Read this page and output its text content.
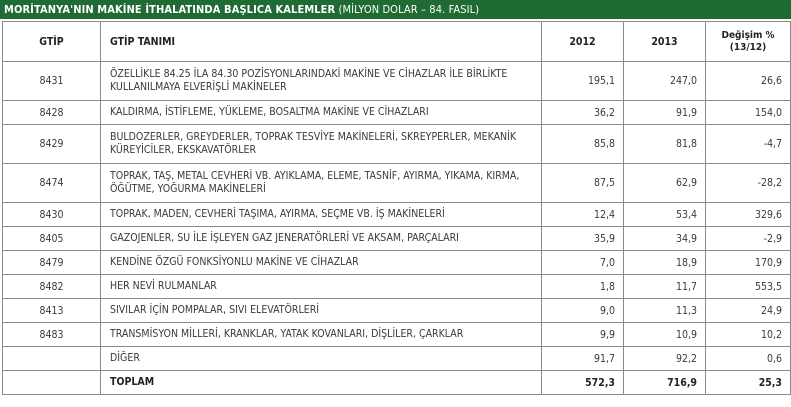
MORİTANYA'NIN MAKİNE İTHALATINDA BAŞLICA KALEMLER (MİLYON DOLAR – 84. FASIL)
GTİP	GTİP TANIMI	2012	2013	Değişim %
(13/12)
8431	ÖZELLİKLE 84.25 İLA 84.30 POZİSYONLARINDAKİ MAKİNE VE CİHAZLAR İLE BİRLİKTE KULLANILMAYA ELVERİŞLİ MAKİNELER	195,1	247,0	26,6
8428	KALDIRMA, İSTİFLEME, YÜKLEME, BOSALTMA MAKİNE VE CİHAZLARI	36,2	91,9	154,0
8429	BULDOZERLER, GREYDERLER, TOPRAK TESVİYE MAKİNELERİ, SKREYPERLER, MEKANİK KÜREYİCİLER, EKSKAVATÖRLER	85,8	81,8	-4,7
8474	TOPRAK, TAŞ, METAL CEVHERİ VB. AYIKLAMA, ELEME, TASNİF, AYIRMA, YIKAMA, KIRMA, ÖĞÜTME, YOĞURMA MAKİNELERİ	87,5	62,9	-28,2
8430	TOPRAK, MADEN, CEVHERİ TAŞIMA, AYIRMA, SEÇME VB. İŞ MAKİNELERİ	12,4	53,4	329,6
8405	GAZOJENLER, SU İLE İŞLEYEN GAZ JENERATÖRLERİ VE AKSAM, PARÇALARI	35,9	34,9	-2,9
8479	KENDİNE ÖZGÜ FONKSİYONLU MAKİNE VE CİHAZLAR	7,0	18,9	170,9
8482	HER NEVİ RULMANLAR	1,8	11,7	553,5
8413	SIVILAR İÇİN POMPALAR, SIVI ELEVATÖRLERİ	9,0	11,3	24,9
8483	TRANSMİSYON MİLLERİ, KRANKLAR, YATAK KOVANLARI, DİŞLİLER, ÇARKLAR	9,9	10,9	10,2
	DİĞER	91,7	92,2	0,6
	TOPLAM	572,3	716,9	25,3
